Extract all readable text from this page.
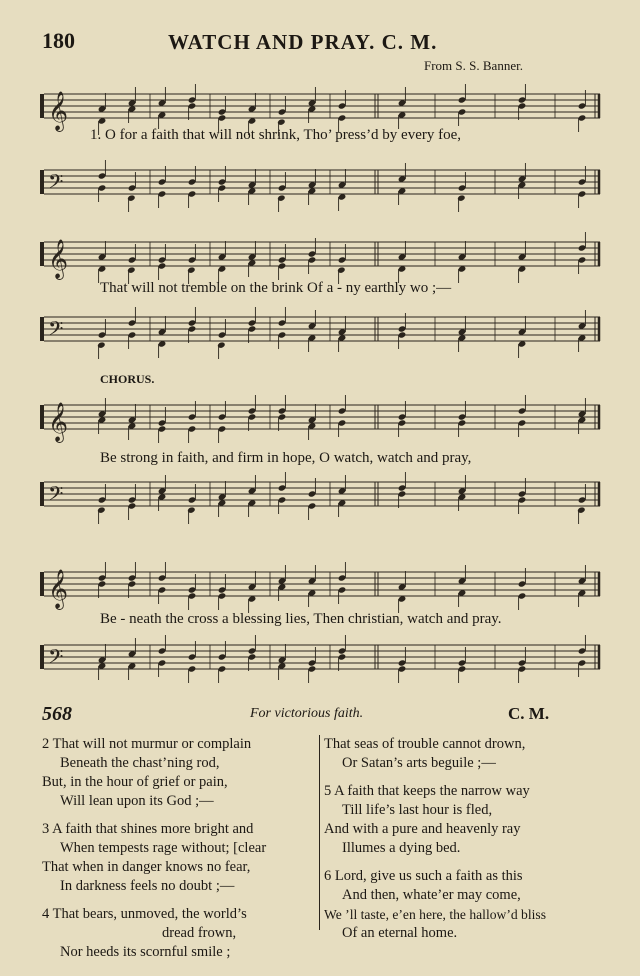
180	WATCH AND PRAY. C. M.
From S. S. Banner.
𝄞
1. O for a faith that will not shrink, Tho’ press’d by every foe,
𝄢
𝄞
That will not tremble on the brink Of a - ny earthly wo ;—
𝄢
CHORUS.
𝄞
Be strong in faith, and firm in hope, O watch, watch and pray,
𝄢
𝄞
Be - neath the cross a blessing lies, Then christian, watch and pray.
𝄢
568	For victorious faith.	C. M.
2 That will not murmur or complain
Beneath the chast’ning rod,
But, in the hour of grief or pain,
Will lean upon its God ;—
3 A faith that shines more bright and
When tempests rage without; [clear
That when in danger knows no fear,
In darkness feels no doubt ;—
4 That bears, unmoved, the world’s
dread frown,
Nor heeds its scornful smile ;
That seas of trouble cannot drown,
Or Satan’s arts beguile ;—
5 A faith that keeps the narrow way
Till life’s last hour is fled,
And with a pure and heavenly ray
Illumes a dying bed.
6 Lord, give us such a faith as this
And then, whate’er may come,
We ’ll taste, e’en here, the hallow’d bliss
Of an eternal home.
